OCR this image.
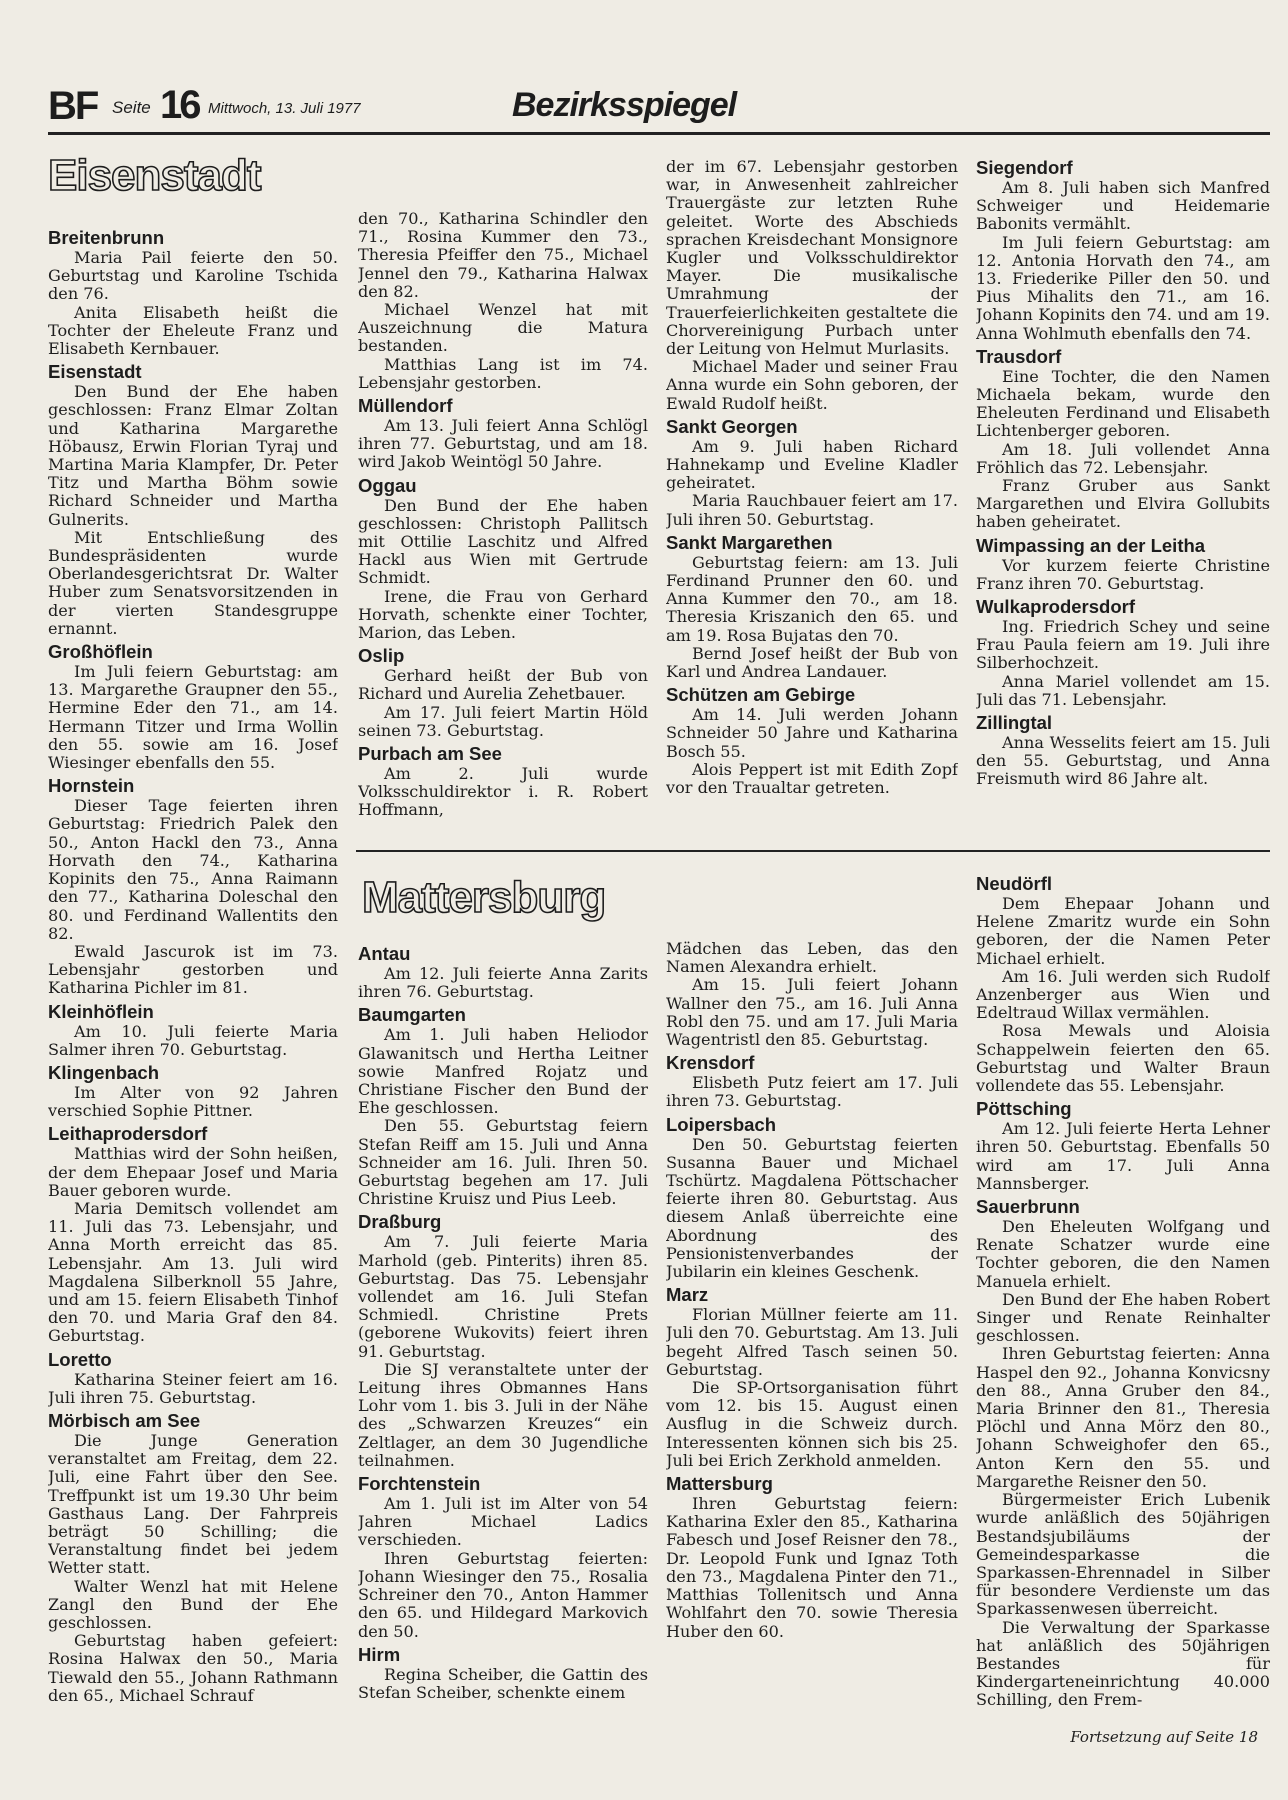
BF Seite 16 Mittwoch, 13. Juli 1977	Bezirksspiegel
Eisenstadt
Breitenbrunn

Maria Pail feierte den 50. Geburtstag und Karoline Tschida den 76.

Anita Elisabeth heißt die Tochter der Eheleute Franz und Elisabeth Kernbauer.

Eisenstadt

Den Bund der Ehe haben geschlossen: Franz Elmar Zoltan und Katharina Margarethe Höbausz, Erwin Florian Tyraj und Martina Maria Klampfer, Dr. Peter Titz und Martha Böhm sowie Richard Schneider und Martha Gulnerits.

Mit Entschließung des Bundespräsidenten wurde Oberlandesgerichtsrat Dr. Walter Huber zum Senatsvorsitzenden in der vierten Standesgruppe ernannt.

Großhöflein

Im Juli feiern Geburtstag: am 13. Margarethe Graupner den 55., Hermine Eder den 71., am 14. Hermann Titzer und Irma Wollin den 55. sowie am 16. Josef Wiesinger ebenfalls den 55.

Hornstein

Dieser Tage feierten ihren Geburtstag: Friedrich Palek den 50., Anton Hackl den 73., Anna Horvath den 74., Katharina Kopinits den 75., Anna Raimann den 77., Katharina Doleschal den 80. und Ferdinand Wallentits den 82.

Ewald Jascurok ist im 73. Lebensjahr gestorben und Katharina Pichler im 81.

Kleinhöflein

Am 10. Juli feierte Maria Salmer ihren 70. Geburtstag.

Klingenbach

Im Alter von 92 Jahren verschied Sophie Pittner.

Leithaprodersdorf

Matthias wird der Sohn heißen, der dem Ehepaar Josef und Maria Bauer geboren wurde.

Maria Demitsch vollendet am 11. Juli das 73. Lebensjahr, und Anna Morth erreicht das 85. Lebensjahr. Am 13. Juli wird Magdalena Silberknoll 55 Jahre, und am 15. feiern Elisabeth Tinhof den 70. und Maria Graf den 84. Geburtstag.

Loretto

Katharina Steiner feiert am 16. Juli ihren 75. Geburtstag.

Mörbisch am See

Die Junge Generation veranstaltet am Freitag, dem 22. Juli, eine Fahrt über den See. Treffpunkt ist um 19.30 Uhr beim Gasthaus Lang. Der Fahrpreis beträgt 50 Schilling; die Veranstaltung findet bei jedem Wetter statt.

Walter Wenzl hat mit Helene Zangl den Bund der Ehe geschlossen.

Geburtstag haben gefeiert: Rosina Halwax den 50., Maria Tiewald den 55., Johann Rathmann den 65., Michael Schrauf

den 70., Katharina Schindler den 71., Rosina Kummer den 73., Theresia Pfeiffer den 75., Michael Jennel den 79., Katharina Halwax den 82.

Michael Wenzel hat mit Auszeichnung die Matura bestanden.

Matthias Lang ist im 74. Lebensjahr gestorben.

Müllendorf

Am 13. Juli feiert Anna Schlögl ihren 77. Geburtstag, und am 18. wird Jakob Weintögl 50 Jahre.

Oggau

Den Bund der Ehe haben geschlossen: Christoph Pallitsch mit Ottilie Laschitz und Alfred Hackl aus Wien mit Gertrude Schmidt.

Irene, die Frau von Gerhard Horvath, schenkte einer Tochter, Marion, das Leben.

Oslip

Gerhard heißt der Bub von Richard und Aurelia Zehetbauer.

Am 17. Juli feiert Martin Höld seinen 73. Geburtstag.

Purbach am See

Am 2. Juli wurde Volksschuldirektor i. R. Robert Hoffmann,

der im 67. Lebensjahr gestorben war, in Anwesenheit zahlreicher Trauergäste zur letzten Ruhe geleitet. Worte des Abschieds sprachen Kreisdechant Monsignore Kugler und Volksschuldirektor Mayer. Die musikalische Umrahmung der Trauerfeierlichkeiten gestaltete die Chorvereinigung Purbach unter der Leitung von Helmut Murlasits.

Michael Mader und seiner Frau Anna wurde ein Sohn geboren, der Ewald Rudolf heißt.

Sankt Georgen

Am 9. Juli haben Richard Hahnekamp und Eveline Kladler geheiratet.

Maria Rauchbauer feiert am 17. Juli ihren 50. Geburtstag.

Sankt Margarethen

Geburtstag feiern: am 13. Juli Ferdinand Prunner den 60. und Anna Kummer den 70., am 18. Theresia Kriszanich den 65. und am 19. Rosa Bujatas den 70.

Bernd Josef heißt der Bub von Karl und Andrea Landauer.

Schützen am Gebirge

Am 14. Juli werden Johann Schneider 50 Jahre und Katharina Bosch 55.

Alois Peppert ist mit Edith Zopf vor den Traualtar getreten.

Siegendorf

Am 8. Juli haben sich Manfred Schweiger und Heidemarie Babonits vermählt.

Im Juli feiern Geburtstag: am 12. Antonia Horvath den 74., am 13. Friederike Piller den 50. und Pius Mihalits den 71., am 16. Johann Kopinits den 74. und am 19. Anna Wohlmuth ebenfalls den 74.

Trausdorf

Eine Tochter, die den Namen Michaela bekam, wurde den Eheleuten Ferdinand und Elisabeth Lichtenberger geboren.

Am 18. Juli vollendet Anna Fröhlich das 72. Lebensjahr.

Franz Gruber aus Sankt Margarethen und Elvira Gollubits haben geheiratet.

Wimpassing an der Leitha

Vor kurzem feierte Christine Franz ihren 70. Geburtstag.

Wulkaprodersdorf

Ing. Friedrich Schey und seine Frau Paula feiern am 19. Juli ihre Silberhochzeit.

Anna Mariel vollendet am 15. Juli das 71. Lebensjahr.

Zillingtal

Anna Wesselits feiert am 15. Juli den 55. Geburtstag, und Anna Freismuth wird 86 Jahre alt.

Mattersburg
Antau

Am 12. Juli feierte Anna Zarits ihren 76. Geburtstag.

Baumgarten

Am 1. Juli haben Heliodor Glawanitsch und Hertha Leitner sowie Manfred Rojatz und Christiane Fischer den Bund der Ehe geschlossen.

Den 55. Geburtstag feiern Stefan Reiff am 15. Juli und Anna Schneider am 16. Juli. Ihren 50. Geburtstag begehen am 17. Juli Christine Kruisz und Pius Leeb.

Draßburg

Am 7. Juli feierte Maria Marhold (geb. Pinterits) ihren 85. Geburtstag. Das 75. Lebensjahr vollendet am 16. Juli Stefan Schmiedl. Christine Prets (geborene Wukovits) feiert ihren 91. Geburtstag.

Die SJ veranstaltete unter der Leitung ihres Obmannes Hans Lohr vom 1. bis 3. Juli in der Nähe des „Schwarzen Kreuzes“ ein Zeltlager, an dem 30 Jugendliche teilnahmen.

Forchtenstein

Am 1. Juli ist im Alter von 54 Jahren Michael Ladics verschieden.

Ihren Geburtstag feierten: Johann Wiesinger den 75., Rosalia Schreiner den 70., Anton Hammer den 65. und Hildegard Markovich den 50.

Hirm

Regina Scheiber, die Gattin des Stefan Scheiber, schenkte einem

Mädchen das Leben, das den Namen Alexandra erhielt.

Am 15. Juli feiert Johann Wallner den 75., am 16. Juli Anna Robl den 75. und am 17. Juli Maria Wagentristl den 85. Geburtstag.

Krensdorf

Elisbeth Putz feiert am 17. Juli ihren 73. Geburtstag.

Loipersbach

Den 50. Geburtstag feierten Susanna Bauer und Michael Tschürtz. Magdalena Pöttschacher feierte ihren 80. Geburtstag. Aus diesem Anlaß überreichte eine Abordnung des Pensionistenverbandes der Jubilarin ein kleines Geschenk.

Marz

Florian Müllner feierte am 11. Juli den 70. Geburtstag. Am 13. Juli begeht Alfred Tasch seinen 50. Geburtstag.

Die SP-Ortsorganisation führt vom 12. bis 15. August einen Ausflug in die Schweiz durch. Interessenten können sich bis 25. Juli bei Erich Zerkhold anmelden.

Mattersburg

Ihren Geburtstag feiern: Katharina Exler den 85., Katharina Fabesch und Josef Reisner den 78., Dr. Leopold Funk und Ignaz Toth den 73., Magdalena Pinter den 71., Matthias Tollenitsch und Anna Wohlfahrt den 70. sowie Theresia Huber den 60.

Neudörfl

Dem Ehepaar Johann und Helene Zmaritz wurde ein Sohn geboren, der die Namen Peter Michael erhielt.

Am 16. Juli werden sich Rudolf Anzenberger aus Wien und Edeltraud Willax vermählen.

Rosa Mewals und Aloisia Schappelwein feierten den 65. Geburtstag und Walter Braun vollendete das 55. Lebensjahr.

Pöttsching

Am 12. Juli feierte Herta Lehner ihren 50. Geburtstag. Ebenfalls 50 wird am 17. Juli Anna Mannsberger.

Sauerbrunn

Den Eheleuten Wolfgang und Renate Schatzer wurde eine Tochter geboren, die den Namen Manuela erhielt.

Den Bund der Ehe haben Robert Singer und Renate Reinhalter geschlossen.

Ihren Geburtstag feierten: Anna Haspel den 92., Johanna Konvicsny den 88., Anna Gruber den 84., Maria Brinner den 81., Theresia Plöchl und Anna Mörz den 80., Johann Schweighofer den 65., Anton Kern den 55. und Margarethe Reisner den 50.

Bürgermeister Erich Lubenik wurde anläßlich des 50jährigen Bestandsjubiläums der Gemeindesparkasse die Sparkassen-Ehrennadel in Silber für besondere Verdienste um das Sparkassenwesen überreicht.

Die Verwaltung der Sparkasse hat anläßlich des 50jährigen Bestandes für Kindergarteneinrichtung 40.000 Schilling, den Frem-

Fortsetzung auf Seite 18
